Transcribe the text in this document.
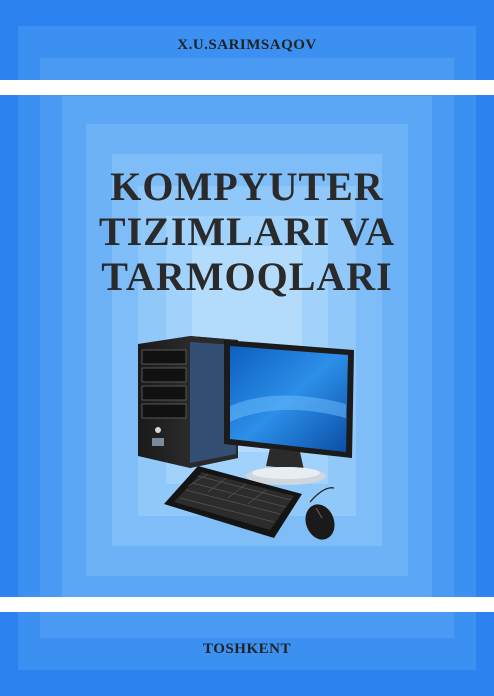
X.U.SARIMSAQOV
KOMPYUTER
TIZIMLARI VA
TARMOQLARI
TOSHKENT
